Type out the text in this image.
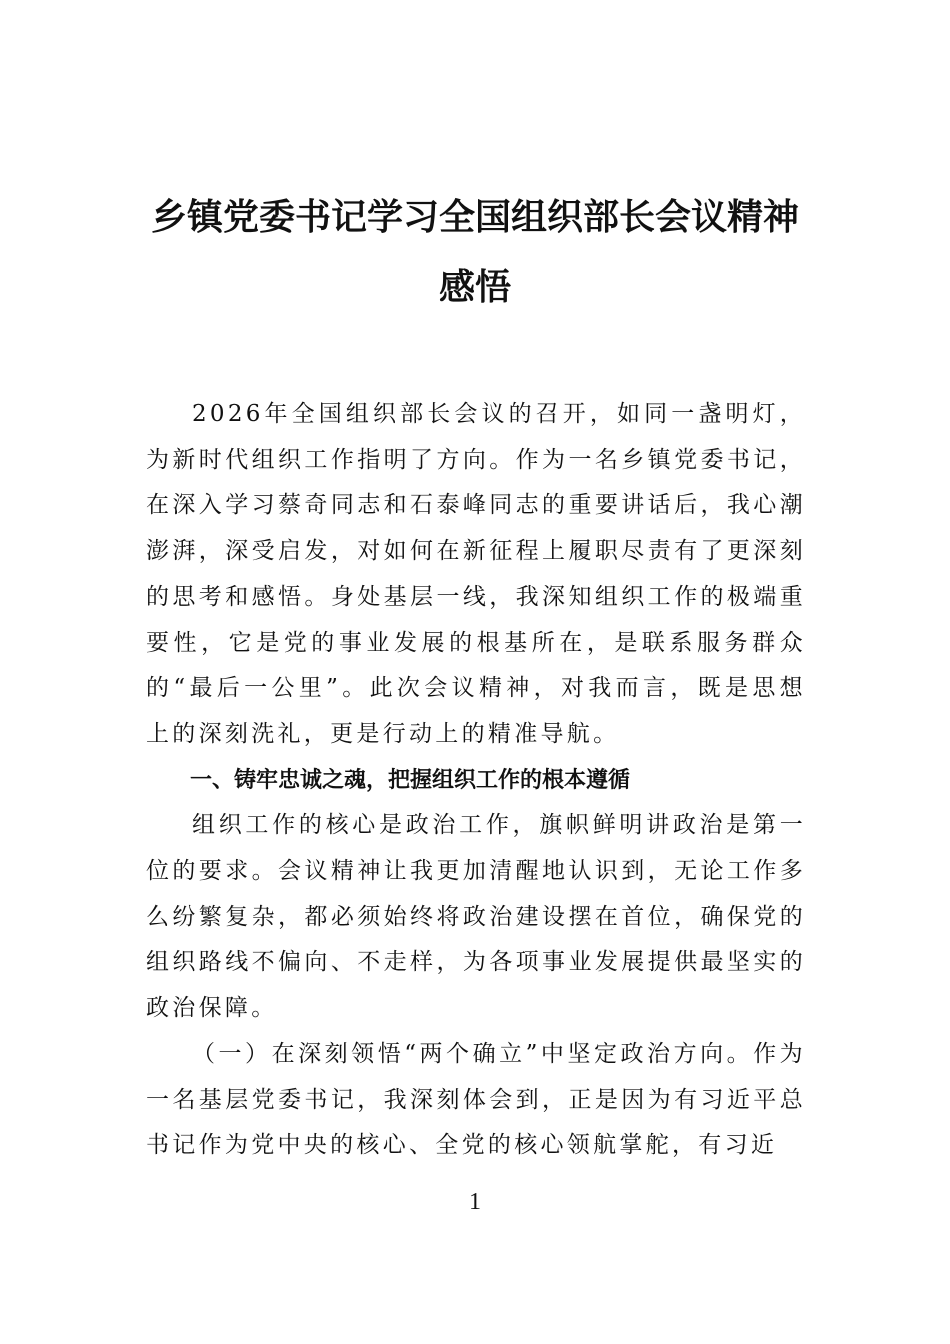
乡镇党委书记学习全国组织部长会议精神
感悟

2026年全国组织部长会议的召开，如同一盏明灯，为新时代组织工作指明了方向。作为一名乡镇党委书记，在深入学习蔡奇同志和石泰峰同志的重要讲话后，我心潮澎湃，深受启发，对如何在新征程上履职尽责有了更深刻的思考和感悟。身处基层一线，我深知组织工作的极端重要性，它是党的事业发展的根基所在，是联系服务群众的“最后一公里”。此次会议精神，对我而言，既是思想上的深刻洗礼，更是行动上的精准导航。

一、铸牢忠诚之魂，把握组织工作的根本遵循

组织工作的核心是政治工作，旗帜鲜明讲政治是第一位的要求。会议精神让我更加清醒地认识到，无论工作多么纷繁复杂，都必须始终将政治建设摆在首位，确保党的组织路线不偏向、不走样，为各项事业发展提供最坚实的政治保障。

（一）在深刻领悟“两个确立”中坚定政治方向。作为一名基层党委书记，我深刻体会到，正是因为有习近平总书记作为党中央的核心、全党的核心领航掌舵，有习近

1
